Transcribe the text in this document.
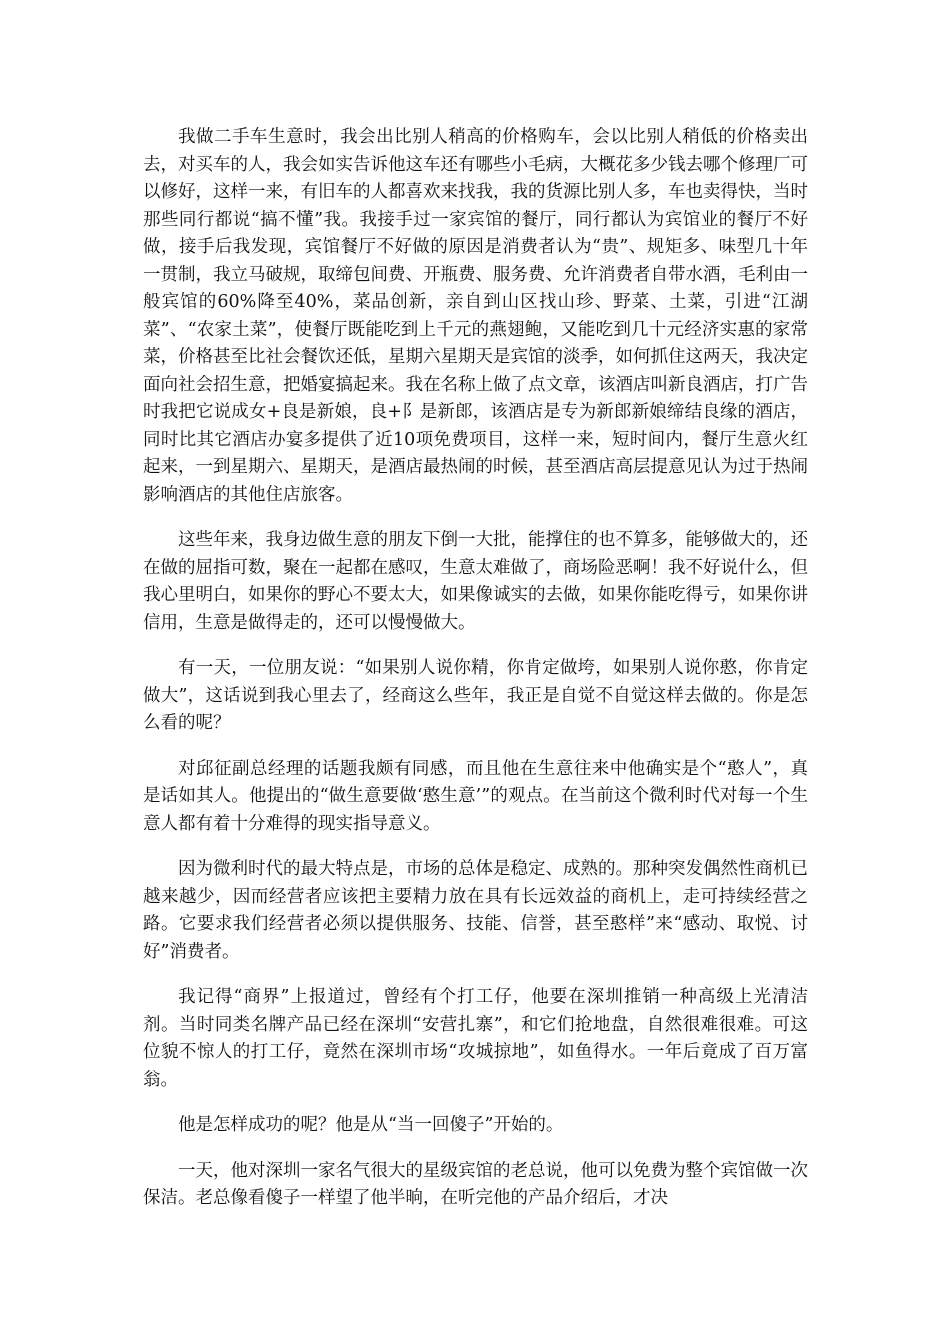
我做二手车生意时，我会出比别人稍高的价格购车，会以比别人稍低的价格卖出去，对买车的人，我会如实告诉他这车还有哪些小毛病，大概花多少钱去哪个修理厂可以修好，这样一来，有旧车的人都喜欢来找我，我的货源比别人多，车也卖得快，当时那些同行都说“搞不懂”我。我接手过一家宾馆的餐厅，同行都认为宾馆业的餐厅不好做，接手后我发现，宾馆餐厅不好做的原因是消费者认为“贵”、规矩多、味型几十年一贯制，我立马破规，取缔包间费、开瓶费、服务费、允许消费者自带水酒，毛利由一般宾馆的60%降至40%，菜品创新，亲自到山区找山珍、野菜、土菜，引进“江湖菜”、“农家土菜”，使餐厅既能吃到上千元的燕翅鲍，又能吃到几十元经济实惠的家常菜，价格甚至比社会餐饮还低，星期六星期天是宾馆的淡季，如何抓住这两天，我决定面向社会招生意，把婚宴搞起来。我在名称上做了点文章，该酒店叫新良酒店，打广告时我把它说成女+良是新娘，良+阝是新郎，该酒店是专为新郎新娘缔结良缘的酒店，同时比其它酒店办宴多提供了近10项免费项目，这样一来，短时间内，餐厅生意火红起来，一到星期六、星期天，是酒店最热闹的时候，甚至酒店高层提意见认为过于热闹影响酒店的其他住店旅客。

这些年来，我身边做生意的朋友下倒一大批，能撑住的也不算多，能够做大的，还在做的屈指可数，聚在一起都在感叹，生意太难做了，商场险恶啊！我不好说什么，但我心里明白，如果你的野心不要太大，如果像诚实的去做，如果你能吃得亏，如果你讲信用，生意是做得走的，还可以慢慢做大。

有一天，一位朋友说：“如果别人说你精，你肯定做垮，如果别人说你憨，你肯定做大”，这话说到我心里去了，经商这么些年，我正是自觉不自觉这样去做的。你是怎么看的呢？

对邱征副总经理的话题我颇有同感，而且他在生意往来中他确实是个“憨人”，真是话如其人。他提出的“做生意要做‘憨生意’”的观点。在当前这个微利时代对每一个生意人都有着十分难得的现实指导意义。

因为微利时代的最大特点是，市场的总体是稳定、成熟的。那种突发偶然性商机已越来越少，因而经营者应该把主要精力放在具有长远效益的商机上，走可持续经营之路。它要求我们经营者必须以提供服务、技能、信誉，甚至憨样”来“感动、取悦、讨好”消费者。

我记得“商界”上报道过，曾经有个打工仔，他要在深圳推销一种高级上光清洁剂。当时同类名牌产品已经在深圳“安营扎寨”，和它们抢地盘，自然很难很难。可这位貌不惊人的打工仔，竟然在深圳市场“攻城掠地”，如鱼得水。一年后竟成了百万富翁。

他是怎样成功的呢？他是从“当一回傻子”开始的。

一天，他对深圳一家名气很大的星级宾馆的老总说，他可以免费为整个宾馆做一次保洁。老总像看傻子一样望了他半晌，在听完他的产品介绍后，才决
